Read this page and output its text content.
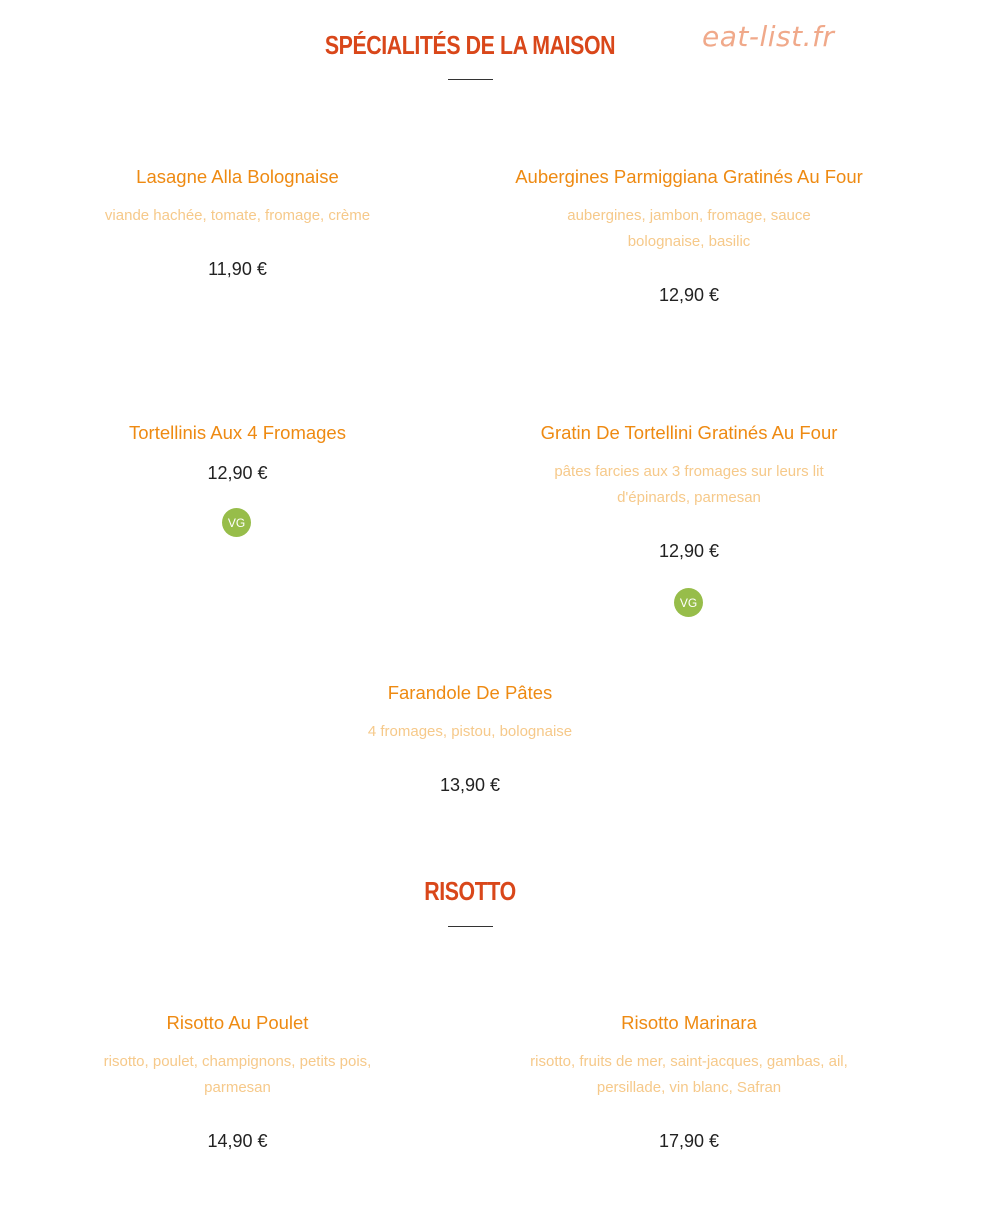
eat-list.fr
SPÉCIALITÉS DE LA MAISON
Lasagne Alla Bolognaise
viande hachée, tomate, fromage, crème
11,90 €
Aubergines Parmiggiana Gratinés Au Four
aubergines, jambon, fromage, sauce bolognaise, basilic
12,90 €
Tortellinis Aux 4 Fromages
12,90 €
VG
Gratin De Tortellini Gratinés Au Four
pâtes farcies aux 3 fromages sur leurs lit d'épinards, parmesan
12,90 €
VG
Farandole De Pâtes
4 fromages, pistou, bolognaise
13,90 €
RISOTTO
Risotto Au Poulet
risotto, poulet, champignons, petits pois, parmesan
14,90 €
Risotto Marinara
risotto, fruits de mer, saint-jacques, gambas, ail, persillade, vin blanc, Safran
17,90 €
